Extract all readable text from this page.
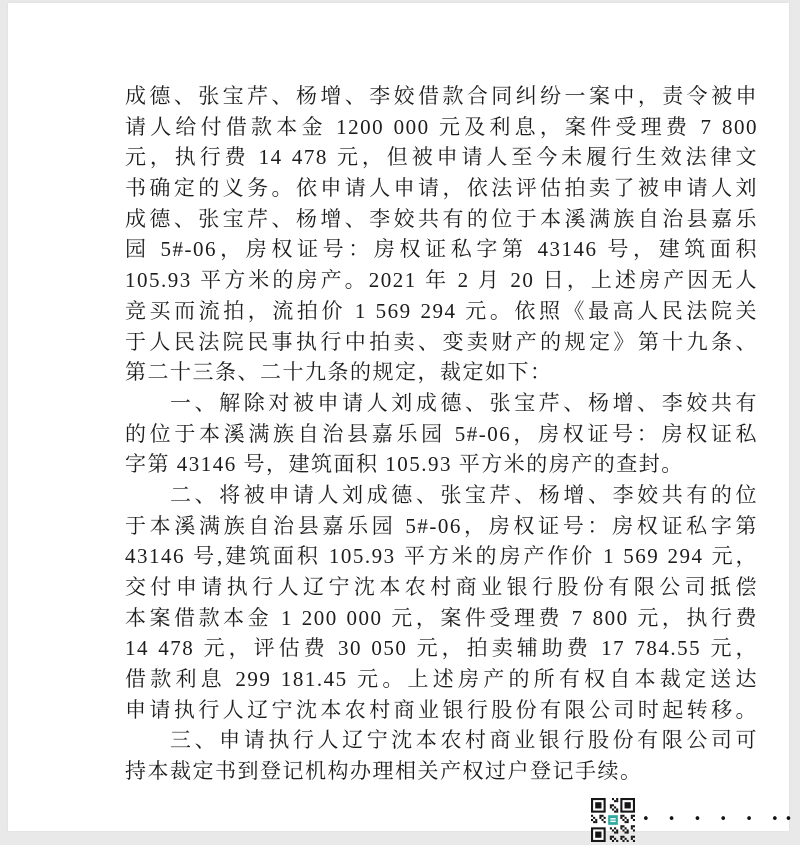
成德、张宝芹、杨增、李姣借款合同纠纷一案中，责令被申
请人给付借款本金 1200 000 元及利息，案件受理费 7 800
元，执行费 14 478 元，但被申请人至今未履行生效法律文
书确定的义务。依申请人申请，依法评估拍卖了被申请人刘
成德、张宝芹、杨增、李姣共有的位于本溪满族自治县嘉乐
园 5#-06，房权证号：房权证私字第 43146 号，建筑面积
105.93 平方米的房产。2021 年 2 月 20 日，上述房产因无人
竞买而流拍，流拍价 1 569 294 元。依照《最高人民法院关
于人民法院民事执行中拍卖、变卖财产的规定》第十九条、
第二十三条、二十九条的规定，裁定如下：
一、解除对被申请人刘成德、张宝芹、杨增、李姣共有
的位于本溪满族自治县嘉乐园 5#-06，房权证号：房权证私
字第 43146 号，建筑面积 105.93 平方米的房产的查封。
二、将被申请人刘成德、张宝芹、杨增、李姣共有的位
于本溪满族自治县嘉乐园 5#-06，房权证号：房权证私字第
43146 号,建筑面积 105.93 平方米的房产作价 1 569 294 元，
交付申请执行人辽宁沈本农村商业银行股份有限公司抵偿
本案借款本金 1 200 000 元，案件受理费 7 800 元，执行费
14 478 元，评估费 30 050 元，拍卖辅助费 17 784.55 元，
借款利息 299 181.45 元。上述房产的所有权自本裁定送达
申请执行人辽宁沈本农村商业银行股份有限公司时起转移。
三、申请执行人辽宁沈本农村商业银行股份有限公司可
持本裁定书到登记机构办理相关产权过户登记手续。
• • • • • ••
